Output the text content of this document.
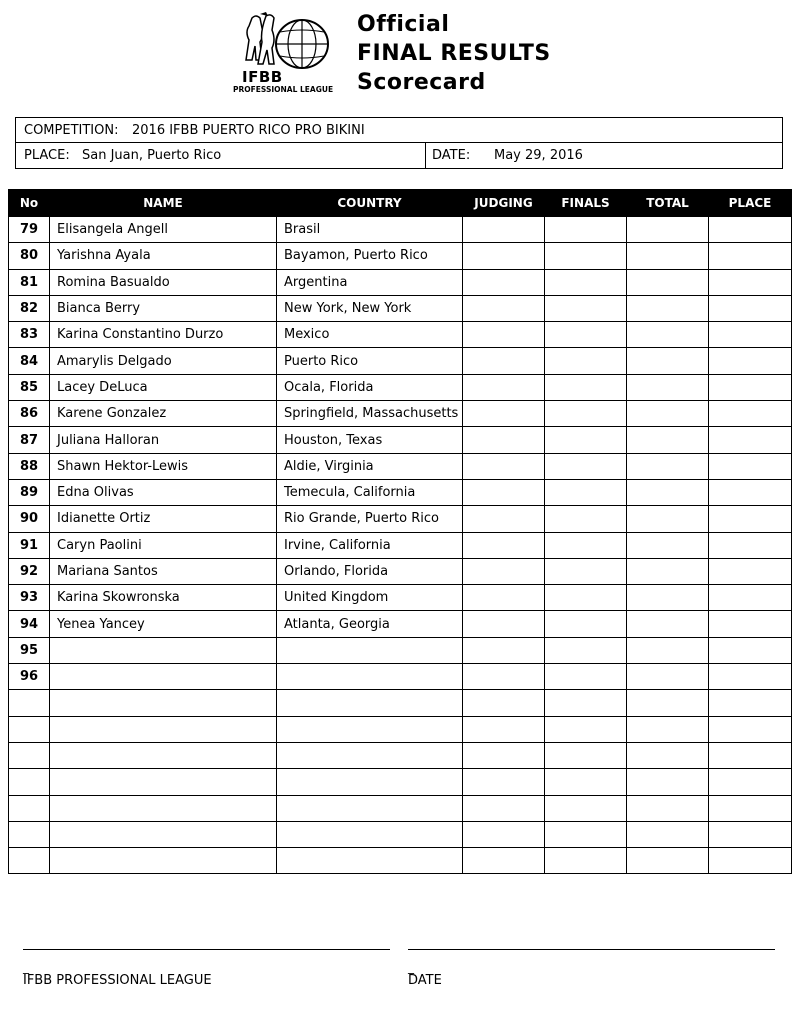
IFBB
PROFESSIONAL LEAGUE
Official
FINAL RESULTS
Scorecard
COMPETITION: 2016 IFBB PUERTO RICO PRO BIKINI
PLACE: San Juan, Puerto Rico	DATE: May 29, 2016
No	NAME	COUNTRY	JUDGING	FINALS	TOTAL	PLACE
79	Elisangela Angell	Brasil				
80	Yarishna Ayala	Bayamon, Puerto Rico				
81	Romina Basualdo	Argentina				
82	Bianca Berry	New York, New York				
83	Karina Constantino Durzo	Mexico				
84	Amarylis Delgado	Puerto Rico				
85	Lacey DeLuca	Ocala, Florida				
86	Karene Gonzalez	Springfield, Massachusetts				
87	Juliana Halloran	Houston, Texas				
88	Shawn Hektor-Lewis	Aldie, Virginia				
89	Edna Olivas	Temecula, California				
90	Idianette Ortiz	Rio Grande, Puerto Rico				
91	Caryn Paolini	Irvine, California				
92	Mariana Santos	Orlando, Florida				
93	Karina Skowronska	United Kingdom				
94	Yenea Yancey	Atlanta, Georgia				
95						
96						

_	_
IFBB PROFESSIONAL LEAGUE	DATE
